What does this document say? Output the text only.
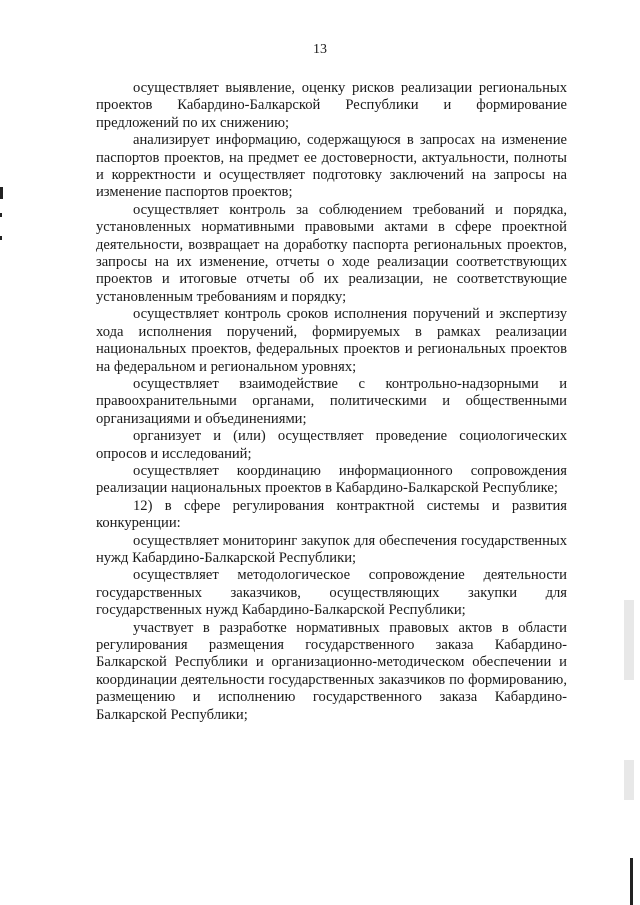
13

осуществляет выявление, оценку рисков реализации региональных проектов Кабардино-Балкарской Республики и формирование предложений по их снижению;

анализирует информацию, содержащуюся в запросах на изменение паспортов проектов, на предмет ее достоверности, актуальности, полноты и корректности и осуществляет подготовку заключений на запросы на изменение паспортов проектов;

осуществляет контроль за соблюдением требований и порядка, установленных нормативными правовыми актами в сфере проектной деятельности, возвращает на доработку паспорта региональных проектов, запросы на их изменение, отчеты о ходе реализации соответствующих проектов и итоговые отчеты об их реализации, не соответствующие установленным требованиям и порядку;

осуществляет контроль сроков исполнения поручений и экспертизу хода исполнения поручений, формируемых в рамках реализации национальных проектов, федеральных проектов и региональных проектов на федеральном и региональном уровнях;

осуществляет взаимодействие с контрольно-надзорными и правоохранительными органами, политическими и общественными организациями и объединениями;

организует и (или) осуществляет проведение социологических опросов и исследований;

осуществляет координацию информационного сопровождения реализации национальных проектов в Кабардино-Балкарской Республике;

12) в сфере регулирования контрактной системы и развития конкуренции:

осуществляет мониторинг закупок для обеспечения государственных нужд Кабардино-Балкарской Республики;

осуществляет методологическое сопровождение деятельности государственных заказчиков, осуществляющих закупки для государственных нужд Кабардино-Балкарской Республики;

участвует в разработке нормативных правовых актов в области регулирования размещения государственного заказа Кабардино-Балкарской Республики и организационно-методическом обеспечении и координации деятельности государственных заказчиков по формированию, размещению и исполнению государственного заказа Кабардино-Балкарской Республики;
